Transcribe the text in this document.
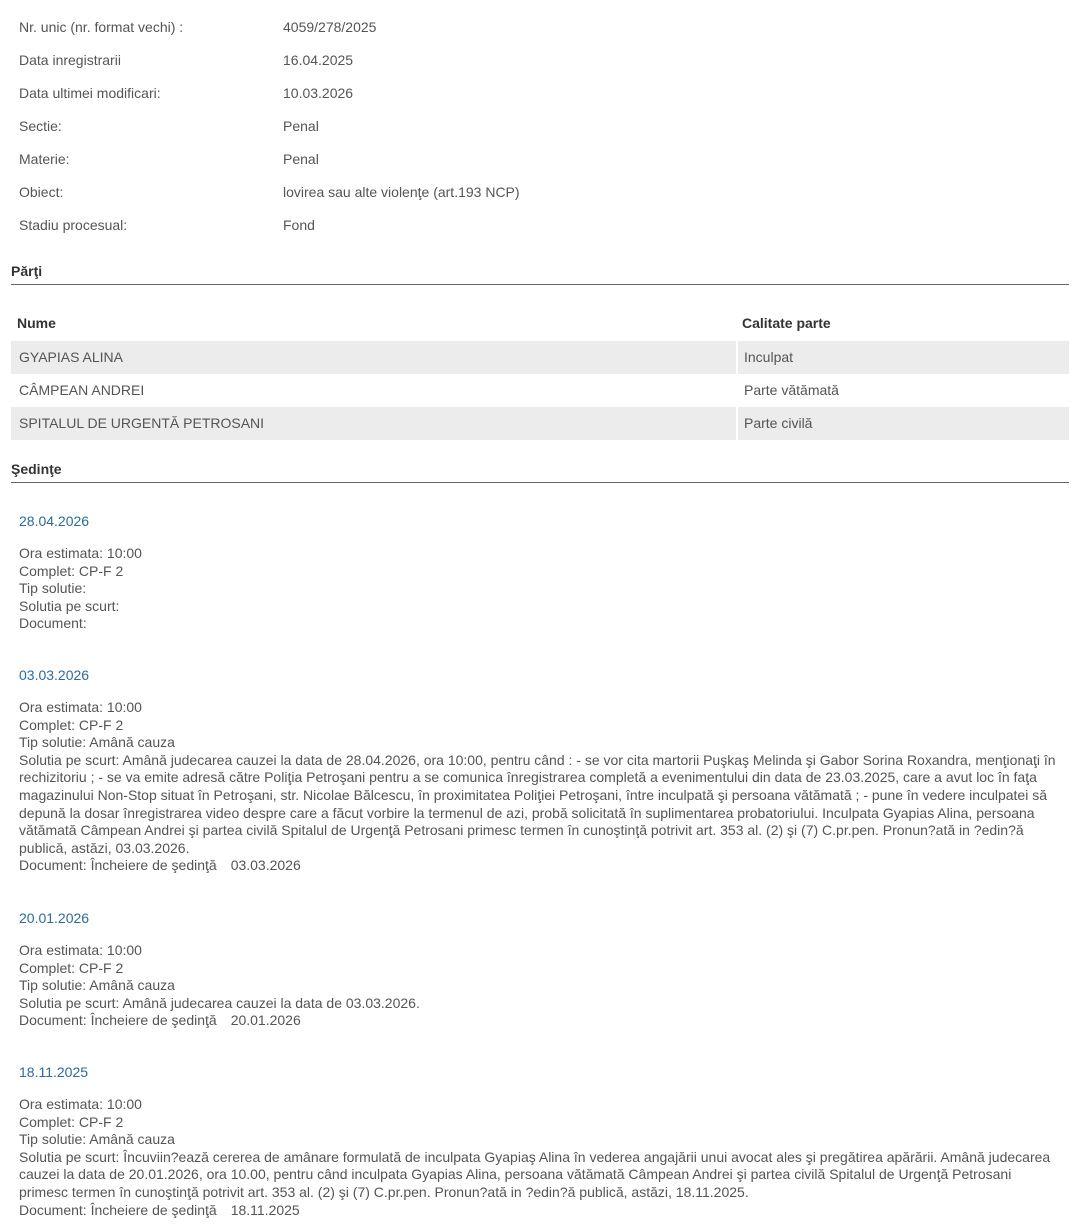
Nr. unic (nr. format vechi) :	4059/278/2025
Data inregistrarii	16.04.2025
Data ultimei modificari:	10.03.2026
Sectie:	Penal
Materie:	Penal
Obiect:	lovirea sau alte violenţe (art.193 NCP)
Stadiu procesual:	Fond
Părţi
Nume	Calitate parte
GYAPIAS ALINA	Inculpat
CÂMPEAN ANDREI	Parte vătămată
SPITALUL DE URGENTĂ PETROSANI	Parte civilă
Şedinţe
28.04.2026
Ora estimata: 10:00
Complet: CP-F 2
Tip solutie:
Solutia pe scurt:
Document:
03.03.2026
Ora estimata: 10:00
Complet: CP-F 2
Tip solutie: Amână cauza
Solutia pe scurt: Amână judecarea cauzei la data de 28.04.2026, ora 10:00, pentru când : - se vor cita martorii Puşkaş Melinda şi Gabor Sorina Roxandra, menţionaţi în rechizitoriu ; - se va emite adresă către Poliţia Petroşani pentru a se comunica înregistrarea completă a evenimentului din data de 23.03.2025, care a avut loc în faţa magazinului Non-Stop situat în Petroşani, str. Nicolae Bălcescu, în proximitatea Poliţiei Petroşani, între inculpată şi persoana vătămată ; - pune în vedere inculpatei să depună la dosar înregistrarea video despre care a făcut vorbire la termenul de azi, probă solicitată în suplimentarea probatoriului. Inculpata Gyapias Alina, persoana vătămată Câmpean Andrei şi partea civilă Spitalul de Urgenţă Petrosani primesc termen în cunoştinţă potrivit art. 353 al. (2) şi (7) C.pr.pen. Pronun?ată in ?edin?ă publică, astăzi, 03.03.2026.
Document: Încheiere de şedinţă 03.03.2026
20.01.2026
Ora estimata: 10:00
Complet: CP-F 2
Tip solutie: Amână cauza
Solutia pe scurt: Amână judecarea cauzei la data de 03.03.2026.
Document: Încheiere de şedinţă 20.01.2026
18.11.2025
Ora estimata: 10:00
Complet: CP-F 2
Tip solutie: Amână cauza
Solutia pe scurt: Încuviin?ează cererea de amânare formulată de inculpata Gyapiaş Alina în vederea angajării unui avocat ales şi pregătirea apărării. Amână judecarea cauzei la data de 20.01.2026, ora 10.00, pentru când inculpata Gyapias Alina, persoana vătămată Câmpean Andrei şi partea civilă Spitalul de Urgenţă Petrosani primesc termen în cunoştinţă potrivit art. 353 al. (2) şi (7) C.pr.pen. Pronun?ată in ?edin?ă publică, astăzi, 18.11.2025.
Document: Încheiere de şedinţă 18.11.2025
